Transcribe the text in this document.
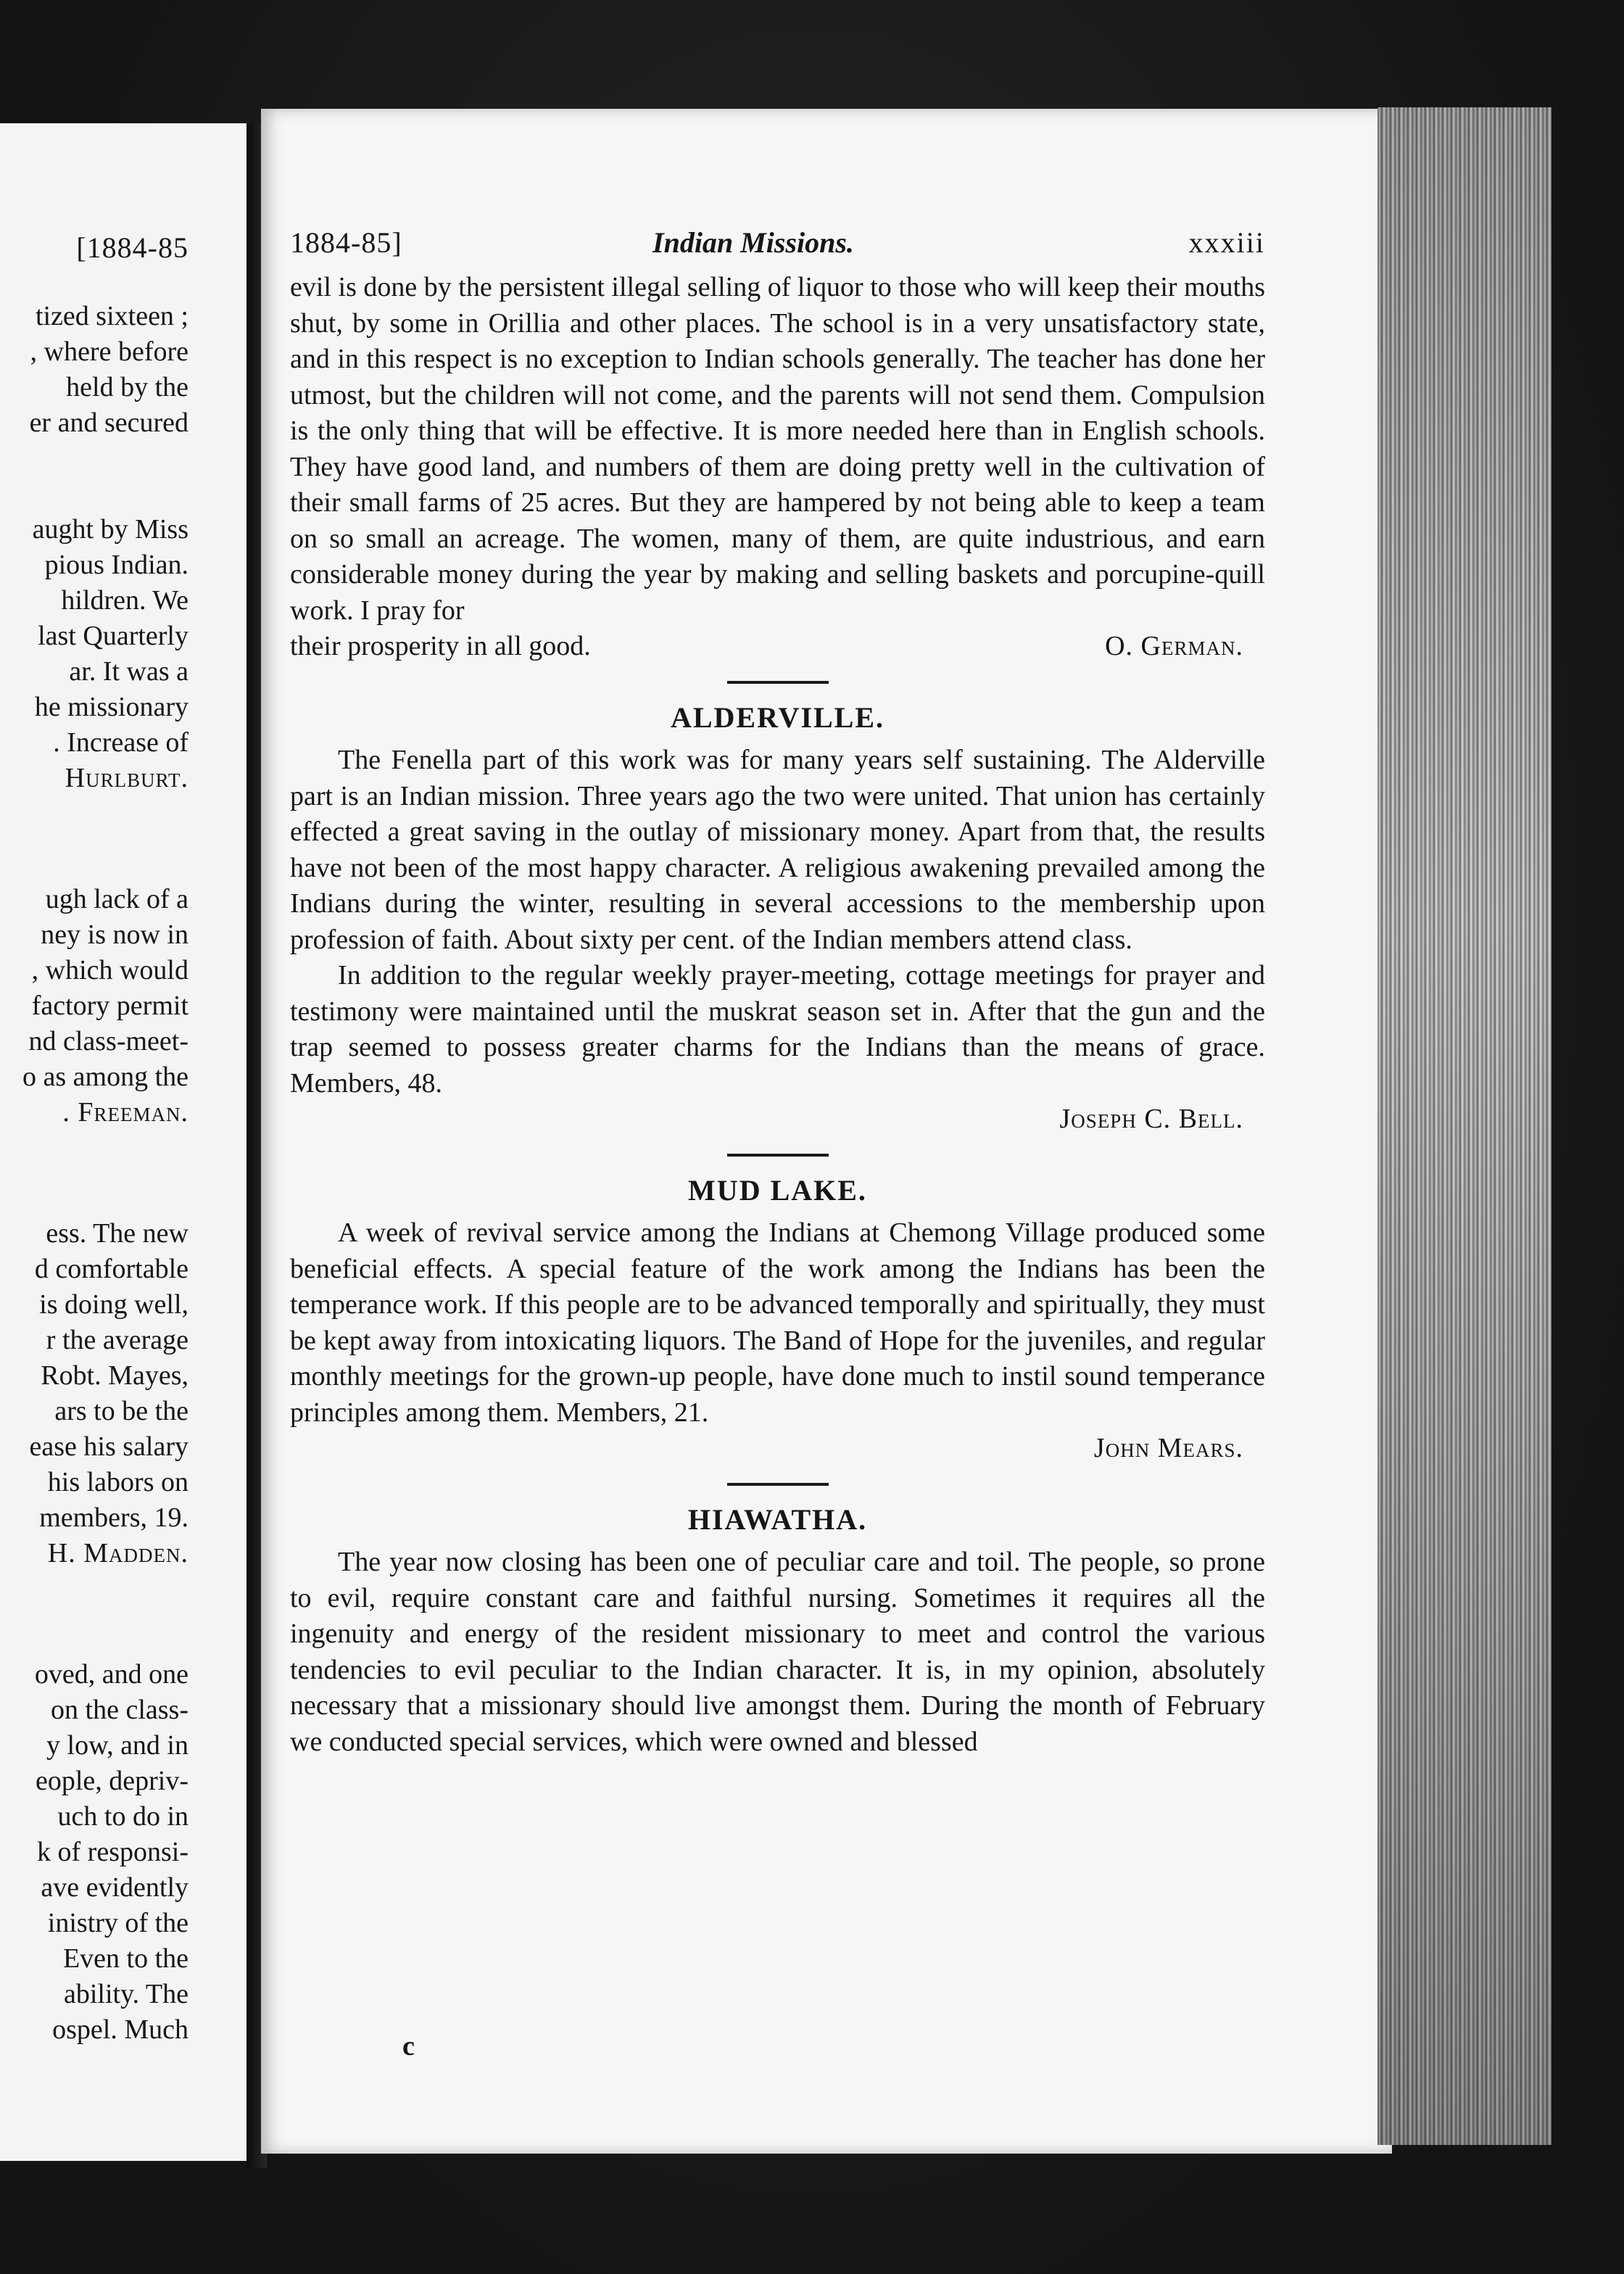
[1884-85
tized sixteen ;
, where before
held by the
er and secured
aught by Miss
pious Indian.
hildren. We
last Quarterly
ar. It was a
he missionary
. Increase of
Hurlburt.
ugh lack of a
ney is now in
, which would
factory permit
nd class-meet-
o as among the
. Freeman.
ess. The new
d comfortable
is doing well,
r the average
Robt. Mayes,
ars to be the
ease his salary
his labors on
members, 19.
H. Madden.
oved, and one
on the class-
y low, and in
eople, depriv-
uch to do in
k of responsi-
ave evidently
inistry of the
Even to the
ability. The
ospel. Much
1884-85]	Indian Missions.	xxxiii

evil is done by the persistent illegal selling of liquor to those who will keep their mouths shut, by some in Orillia and other places. The school is in a very unsatisfactory state, and in this respect is no exception to Indian schools generally. The teacher has done her utmost, but the children will not come, and the parents will not send them. Compulsion is the only thing that will be effective. It is more needed here than in English schools. They have good land, and numbers of them are doing pretty well in the cultivation of their small farms of 25 acres. But they are hampered by not being able to keep a team on so small an acreage. The women, many of them, are quite industrious, and earn considerable money during the year by making and selling baskets and porcupine-quill work. I pray for

their prosperity in all good.	O. German.
ALDERVILLE.

The Fenella part of this work was for many years self sustaining. The Alderville part is an Indian mission. Three years ago the two were united. That union has certainly effected a great saving in the outlay of missionary money. Apart from that, the results have not been of the most happy character. A religious awakening prevailed among the Indians during the winter, resulting in several accessions to the membership upon profession of faith. About sixty per cent. of the Indian members attend class.

In addition to the regular weekly prayer-meeting, cottage meetings for prayer and testimony were maintained until the muskrat season set in. After that the gun and the trap seemed to possess greater charms for the Indians than the means of grace. Members, 48.

Joseph C. Bell.
MUD LAKE.

A week of revival service among the Indians at Chemong Village produced some beneficial effects. A special feature of the work among the Indians has been the temperance work. If this people are to be advanced temporally and spiritually, they must be kept away from intoxicating liquors. The Band of Hope for the juveniles, and regular monthly meetings for the grown-up people, have done much to instil sound temperance principles among them. Members, 21.

John Mears.
HIAWATHA.

The year now closing has been one of peculiar care and toil. The people, so prone to evil, require constant care and faithful nursing. Sometimes it requires all the ingenuity and energy of the resident missionary to meet and control the various tendencies to evil peculiar to the Indian character. It is, in my opinion, absolutely necessary that a missionary should live amongst them. During the month of February we conducted special services, which were owned and blessed

c
